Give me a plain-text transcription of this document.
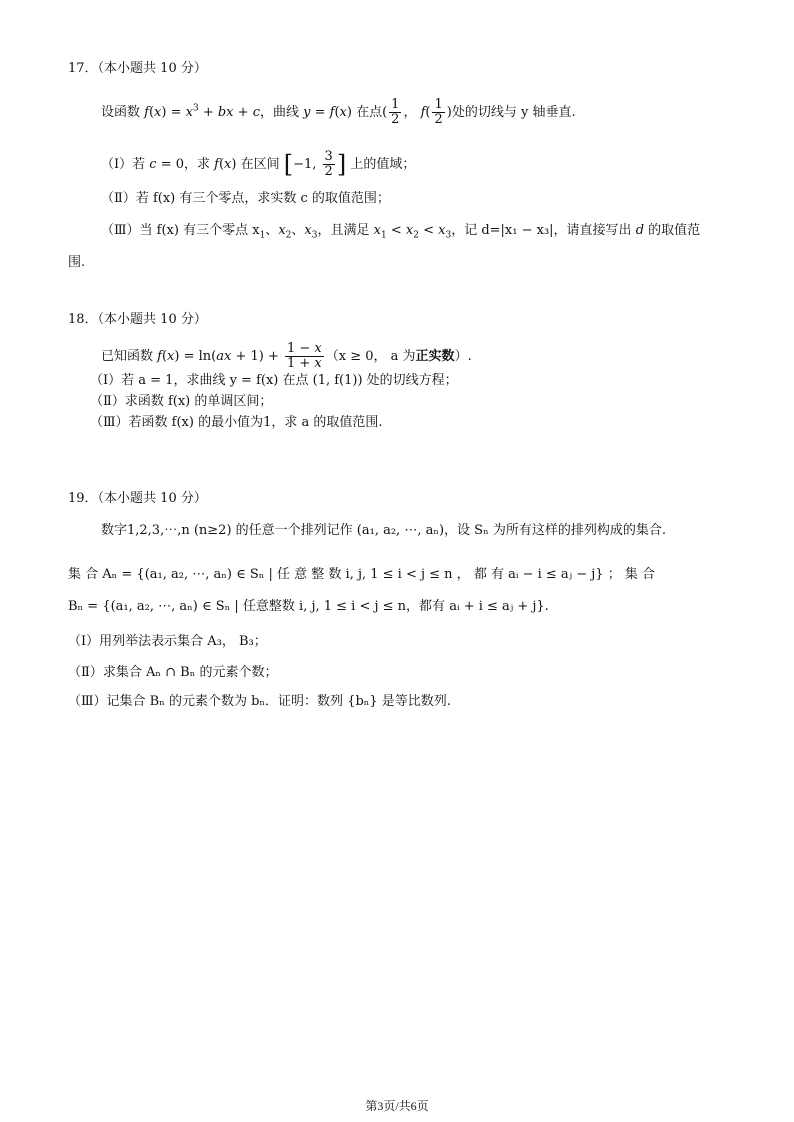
17．（本小题共 10 分）
设函数 $f(x) = x^3$ + bx + c，曲线 y = f(x) 在点( $\frac{1}{2}$ ， $f( \frac{1}{2}$ )处的切线与 y 轴垂直.
（Ⅰ）若 c = 0，求 f(x) 在区间 [−1, $\frac{3}{2}$ ] 上的值域；
（Ⅱ）若 f(x) 有三个零点，求实数 c 的取值范围；
（Ⅲ）当 f(x) 有三个零点 $x_1$、$x_2$、$x_3$，且满足 $x_1 < x_2 < x_3$，记 d=|x₁ − x₃|，请直接写出 d 的取值范
围.
18．（本小题共 10 分）
已知函数 $f(x) = \ln(ax + 1) + \frac{1 - x}{1 + x} (x \ge 0$， a 为正实数）.
（Ⅰ）若 a = 1，求曲线 y = f(x) 在点 (1, f(1)) 处的切线方程；
（Ⅱ）求函数 f(x) 的单调区间；
（Ⅲ）若函数 f(x) 的最小值为1，求 a 的取值范围.
19．（本小题共 10 分）
数字1,2,3,⋯,n (n≥2) 的任意一个排列记作 (a₁, a₂, ⋯, aₙ)，设 Sₙ 为所有这样的排列构成的集合.
集 合 Aₙ = {(a₁, a₂, ⋯, aₙ) ∈ Sₙ | 任 意 整 数 i, j, 1 ≤ i < j ≤ n ， 都 有 aᵢ − i ≤ aⱼ − j} ； 集 合
Bₙ = {(a₁, a₂, ⋯, aₙ) ∈ Sₙ | 任意整数 i, j, 1 ≤ i < j ≤ n，都有 aᵢ + i ≤ aⱼ + j}.
（Ⅰ）用列举法表示集合 A₃， B₃；
（Ⅱ）求集合 Aₙ ∩ Bₙ 的元素个数；
（Ⅲ）记集合 Bₙ 的元素个数为 bₙ．证明：数列 {bₙ} 是等比数列.
第3页/共6页
